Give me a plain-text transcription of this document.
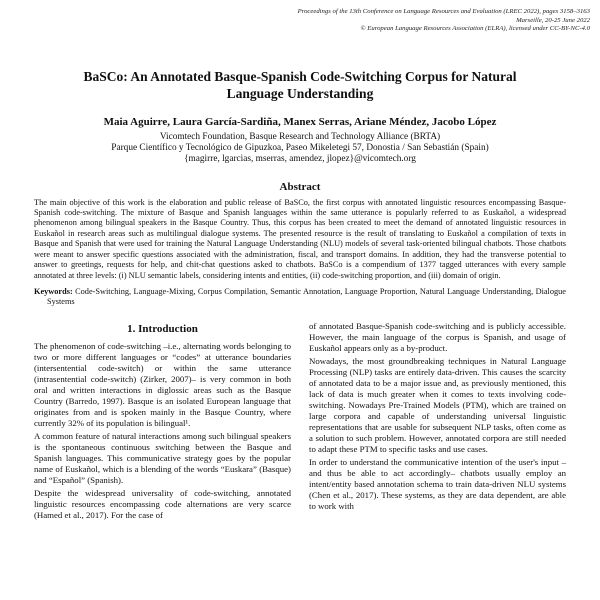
Proceedings of the 13th Conference on Language Resources and Evaluation (LREC 2022), pages 3158–3163
Marseille, 20-25 June 2022
© European Language Resources Association (ELRA), licensed under CC-BY-NC-4.0
BaSCo: An Annotated Basque-Spanish Code-Switching Corpus for Natural Language Understanding
Maia Aguirre, Laura García-Sardiña, Manex Serras, Ariane Méndez, Jacobo López
Vicomtech Foundation, Basque Research and Technology Alliance (BRTA)
Parque Científico y Tecnológico de Gipuzkoa, Paseo Mikeletegi 57, Donostia / San Sebastián (Spain)
{magirre, lgarcias, mserras, amendez, jlopez}@vicomtech.org
Abstract

The main objective of this work is the elaboration and public release of BaSCo, the first corpus with annotated linguistic resources encompassing Basque-Spanish code-switching. The mixture of Basque and Spanish languages within the same utterance is popularly referred to as Euskañol, a widespread phenomenon among bilingual speakers in the Basque Country. Thus, this corpus has been created to meet the demand of annotated linguistic resources in Euskañol in research areas such as multilingual dialogue systems. The presented resource is the result of translating to Euskañol a compilation of texts in Basque and Spanish that were used for training the Natural Language Understanding (NLU) models of several task-oriented bilingual chatbots. Those chatbots were meant to answer specific questions associated with the administration, fiscal, and transport domains. In addition, they had the transverse potential to answer to greetings, requests for help, and chit-chat questions asked to chatbots. BaSCo is a compendium of 1377 tagged utterances with every sample annotated at three levels: (i) NLU semantic labels, considering intents and entities, (ii) code-switching proportion, and (iii) domain of origin.

Keywords: Code-Switching, Language-Mixing, Corpus Compilation, Semantic Annotation, Language Proportion, Natural Language Understanding, Dialogue Systems

1. Introduction

The phenomenon of code-switching –i.e., alternating words belonging to two or more different languages or “codes” at utterance boundaries (intersentential code-switch) or within the same utterance (intrasentential code-switch) (Zirker, 2007)– is very common in both oral and written interactions in diglossic areas such as the Basque Country (Barredo, 1997). Basque is an isolated European language that originates from and is spoken mainly in the Basque Country, where currently 32% of its population is bilingual¹.

A common feature of natural interactions among such bilingual speakers is the spontaneous continuous switching between the Basque and Spanish languages. This communicative strategy goes by the popular name of Euskañol, which is a blending of the words “Euskara” (Basque) and “Español” (Spanish).

Despite the widespread universality of code-switching, annotated linguistic resources encompassing code alternations are very scarce (Hamed et al., 2017). For the case of

of annotated Basque-Spanish code-switching and is publicly accessible. However, the main language of the corpus is Spanish, and usage of Euskañol appears only as a by-product.

Nowadays, the most groundbreaking techniques in Natural Language Processing (NLP) tasks are entirely data-driven. This causes the scarcity of annotated data to be a major issue and, as previously mentioned, this lack of data is much greater when it comes to texts involving code-switching. Nowadays Pre-Trained Models (PTM), which are trained on large corpora and capable of understanding universal linguistic representations that are usable for subsequent NLP tasks, often come as a solution to such problem. However, annotated corpora are still needed to adapt these PTM to specific tasks and use cases.

In order to understand the communicative intention of the user's input –and thus be able to act accordingly– chatbots usually employ an intent/entity based annotation schema to train data-driven NLU systems (Chen et al., 2017). These systems, as they are data dependent, are able to work with
